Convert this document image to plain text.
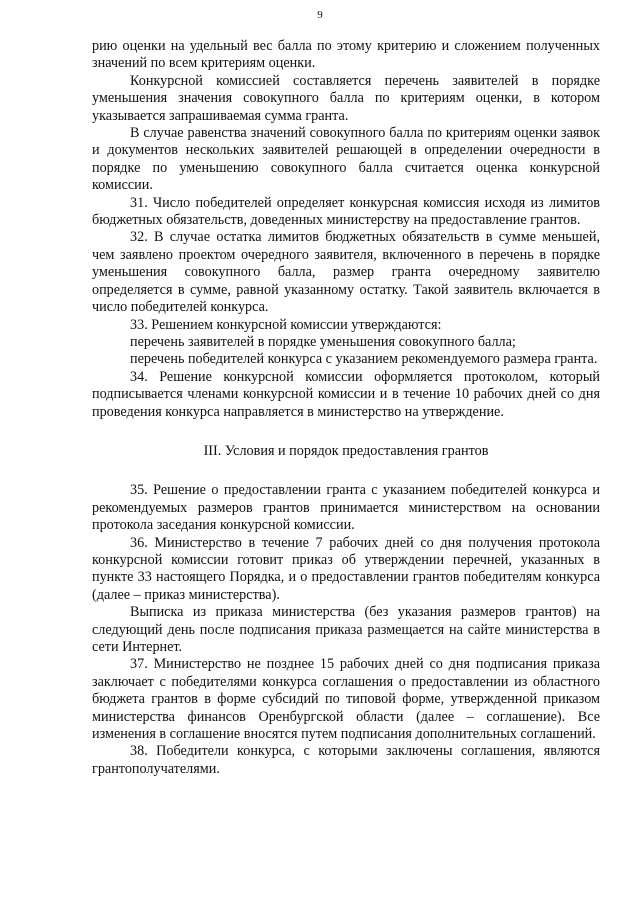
9

рию оценки на удельный вес балла по этому критерию и сложением полученных значений по всем критериям оценки.

Конкурсной комиссией составляется перечень заявителей в порядке уменьшения значения совокупного балла по критериям оценки, в котором указывается запрашиваемая сумма гранта.

В случае равенства значений совокупного балла по критериям оценки заявок и документов нескольких заявителей решающей в определении очередности в порядке по уменьшению совокупного балла считается оценка конкурсной комиссии.

31. Число победителей определяет конкурсная комиссия исходя из лимитов бюджетных обязательств, доведенных министерству на предоставление грантов.

32. В случае остатка лимитов бюджетных обязательств в сумме меньшей, чем заявлено проектом очередного заявителя, включенного в перечень в порядке уменьшения совокупного балла, размер гранта очередному заявителю определяется в сумме, равной указанному остатку. Такой заявитель включается в число победителей конкурса.

33. Решением конкурсной комиссии утверждаются:

перечень заявителей в порядке уменьшения совокупного балла;

перечень победителей конкурса с указанием рекомендуемого размера гранта.

34. Решение конкурсной комиссии оформляется протоколом, который подписывается членами конкурсной комиссии и в течение 10 рабочих дней со дня проведения конкурса направляется в министерство на утверждение.

III. Условия и порядок предоставления грантов

35. Решение о предоставлении гранта с указанием победителей конкурса и рекомендуемых размеров грантов принимается министерством на основании протокола заседания конкурсной комиссии.

36. Министерство в течение 7 рабочих дней со дня получения протокола конкурсной комиссии готовит приказ об утверждении перечней, указанных в пункте 33 настоящего Порядка, и о предоставлении грантов победителям конкурса (далее – приказ министерства).

Выписка из приказа министерства (без указания размеров грантов) на следующий день после подписания приказа размещается на сайте министерства в сети Интернет.

37. Министерство не позднее 15 рабочих дней со дня подписания приказа заключает с победителями конкурса соглашения о предоставлении из областного бюджета грантов в форме субсидий по типовой форме, утвержденной приказом министерства финансов Оренбургской области (далее – соглашение). Все изменения в соглашение вносятся путем подписания дополнительных соглашений.

38. Победители конкурса, с которыми заключены соглашения, являются грантополучателями.
